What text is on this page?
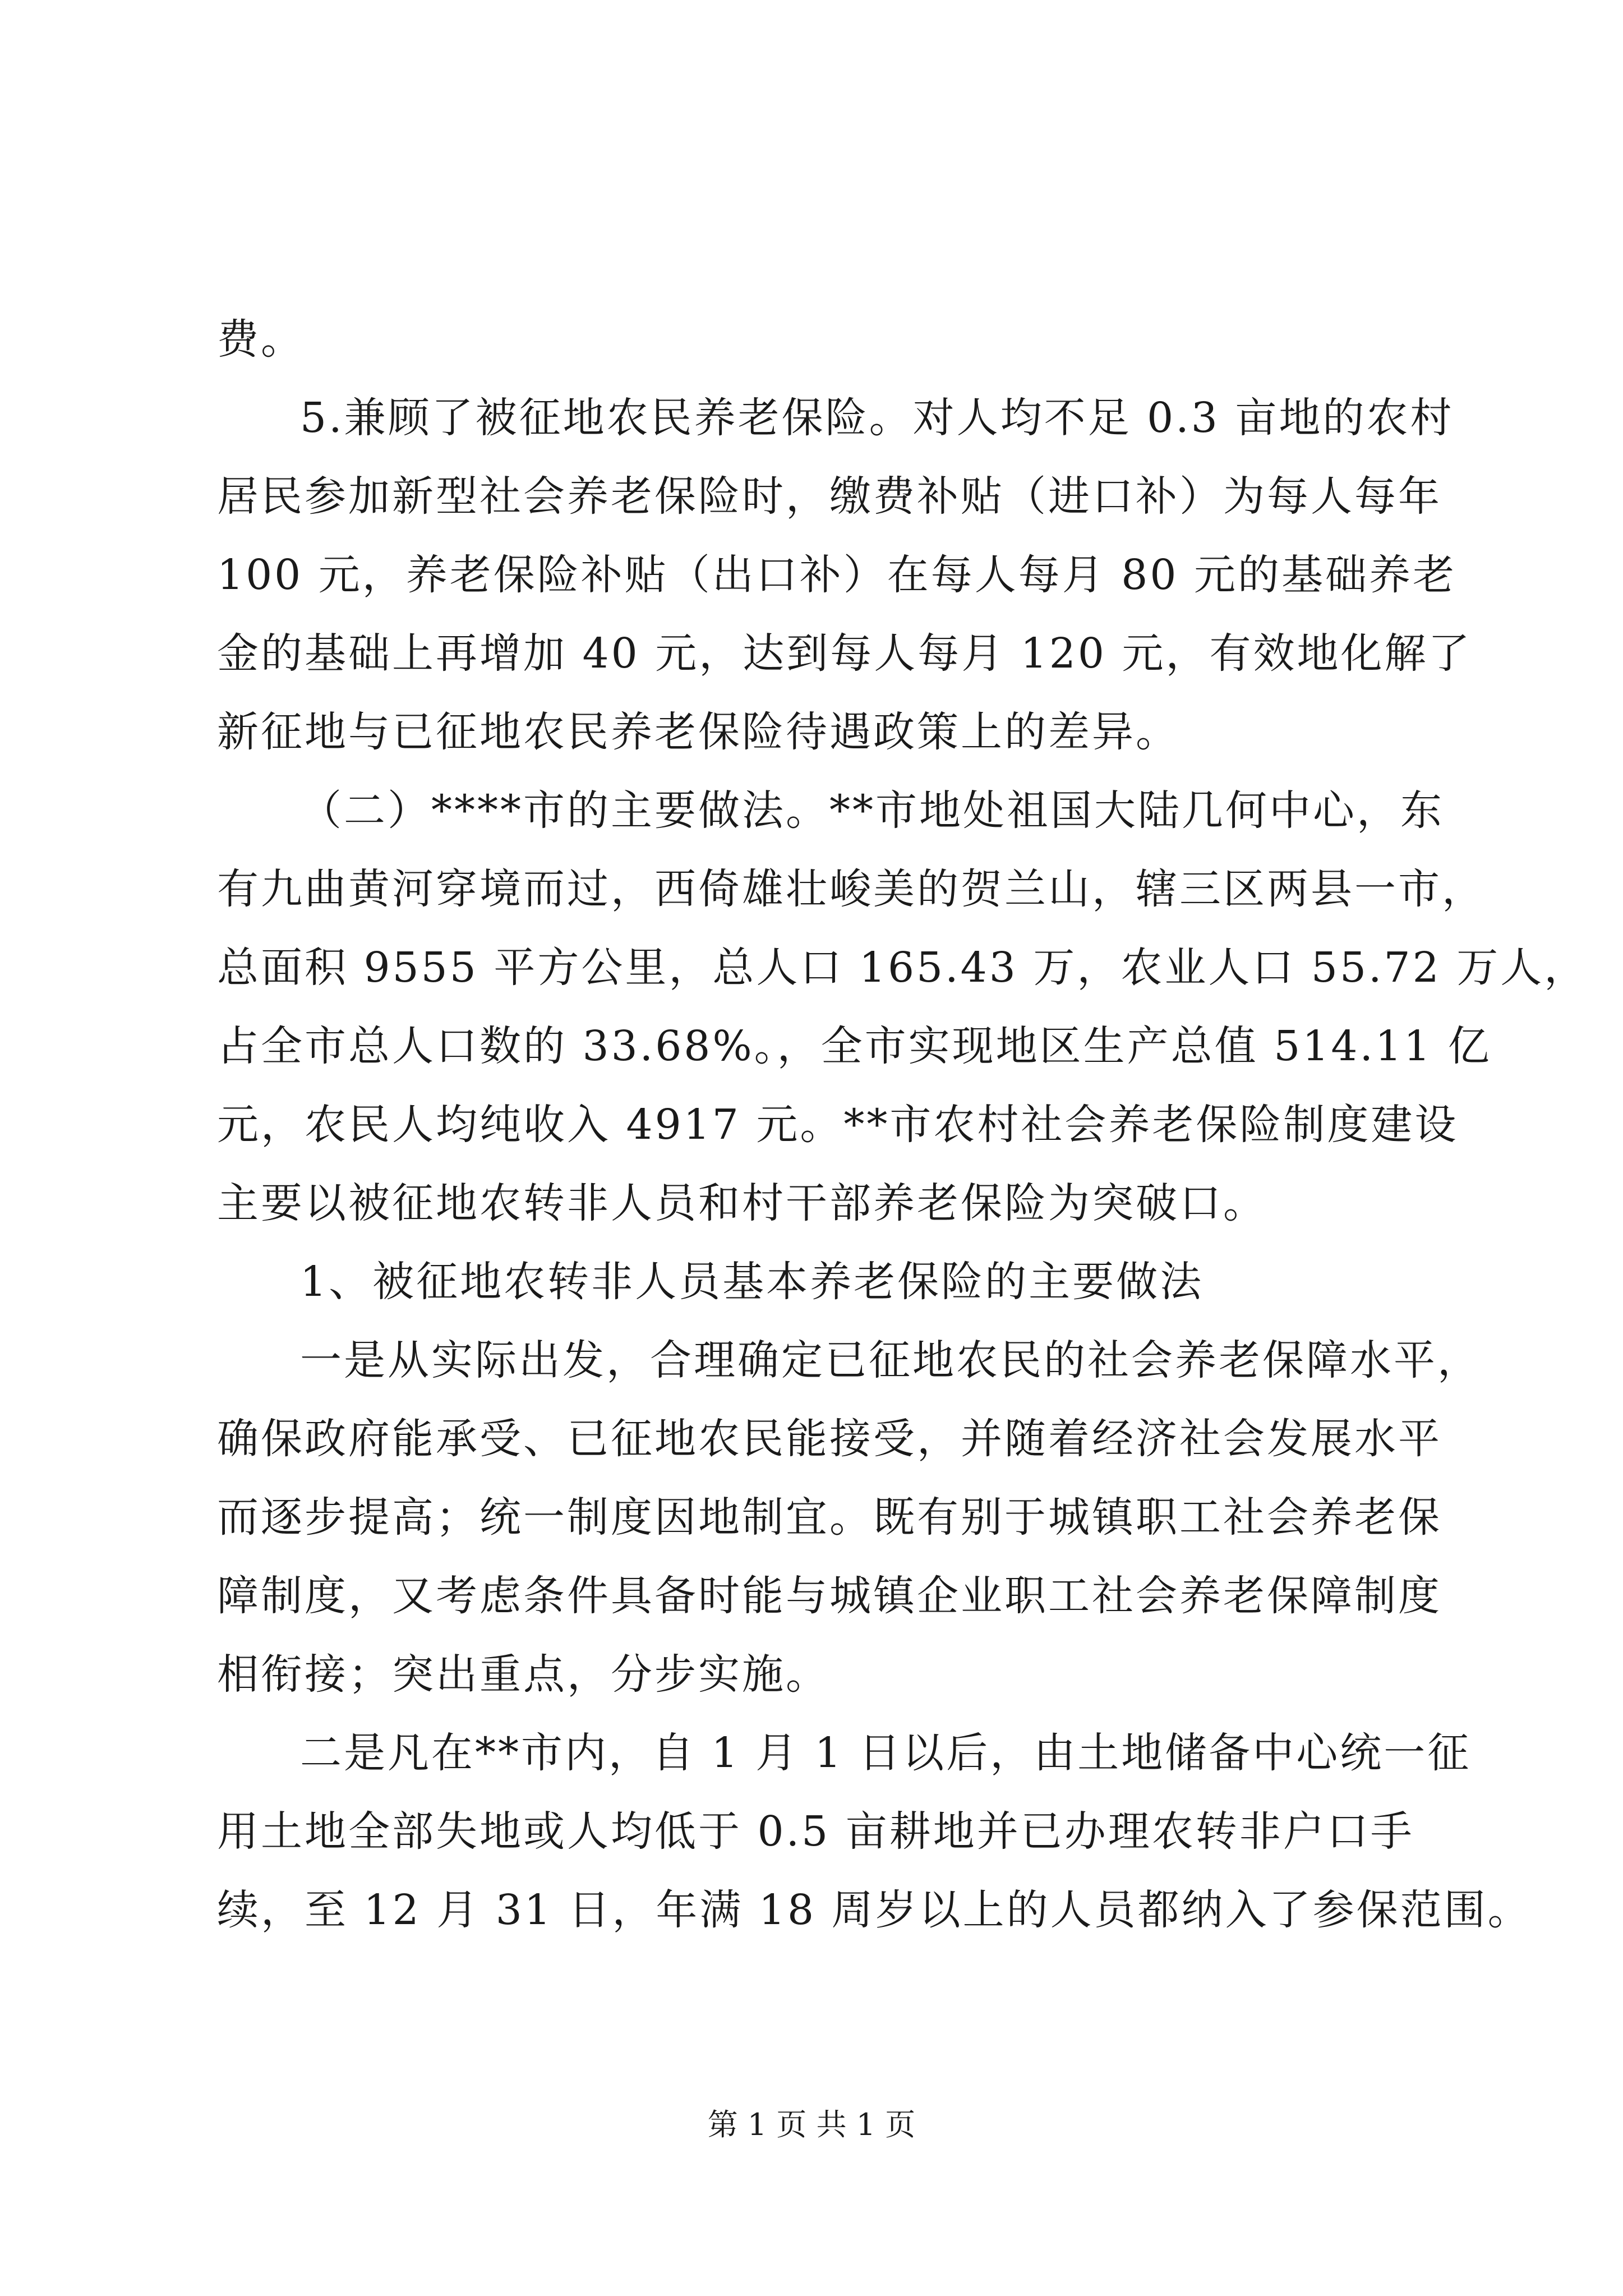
费。
5.兼顾了被征地农民养老保险。对人均不足 0.3 亩地的农村
居民参加新型社会养老保险时，缴费补贴（进口补）为每人每年
100 元，养老保险补贴（出口补）在每人每月 80 元的基础养老
金的基础上再增加 40 元，达到每人每月 120 元，有效地化解了
新征地与已征地农民养老保险待遇政策上的差异。
（二）****市的主要做法。**市地处祖国大陆几何中心，东
有九曲黄河穿境而过，西倚雄壮峻美的贺兰山，辖三区两县一市，
总面积 9555 平方公里，总人口 165.43 万，农业人口 55.72 万人，
占全市总人口数的 33.68%。，全市实现地区生产总值 514.11 亿
元，农民人均纯收入 4917 元。**市农村社会养老保险制度建设
主要以被征地农转非人员和村干部养老保险为突破口。
1、被征地农转非人员基本养老保险的主要做法
一是从实际出发，合理确定已征地农民的社会养老保障水平，
确保政府能承受、已征地农民能接受，并随着经济社会发展水平
而逐步提高；统一制度因地制宜。既有别于城镇职工社会养老保
障制度，又考虑条件具备时能与城镇企业职工社会养老保障制度
相衔接；突出重点，分步实施。
二是凡在**市内，自 1 月 1 日以后，由土地储备中心统一征
用土地全部失地或人均低于 0.5 亩耕地并已办理农转非户口手
续，至 12 月 31 日，年满 18 周岁以上的人员都纳入了参保范围。
第 1 页 共 1 页
